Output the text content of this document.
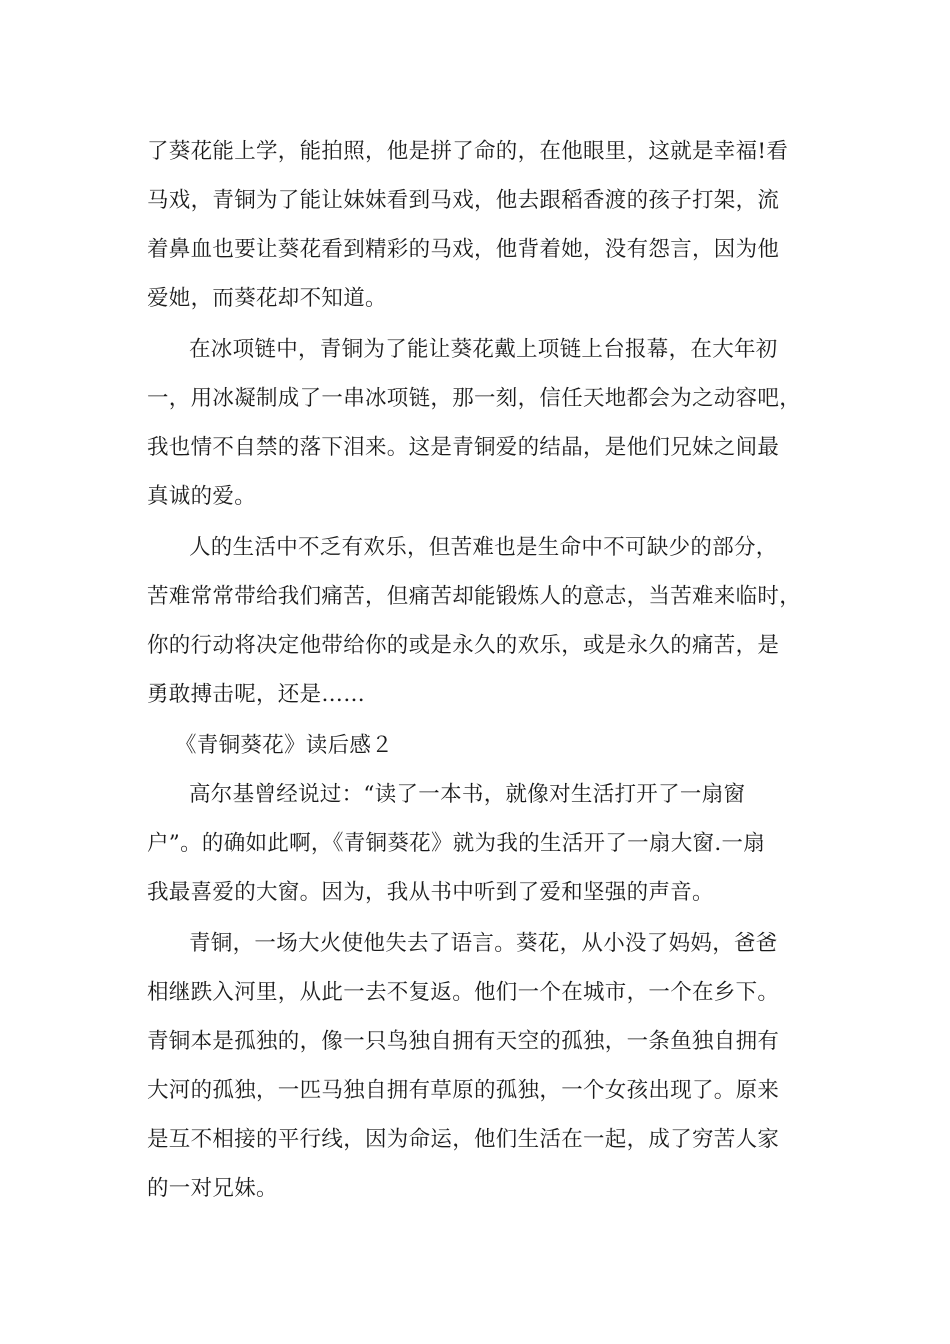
了葵花能上学，能拍照，他是拼了命的，在他眼里，这就是幸福!看
马戏，青铜为了能让妹妹看到马戏，他去跟稻香渡的孩子打架，流
着鼻血也要让葵花看到精彩的马戏，他背着她，没有怨言，因为他
爱她，而葵花却不知道。
在冰项链中，青铜为了能让葵花戴上项链上台报幕，在大年初
一，用冰凝制成了一串冰项链，那一刻，信任天地都会为之动容吧，
我也情不自禁的落下泪来。这是青铜爱的结晶，是他们兄妹之间最
真诚的爱。
人的生活中不乏有欢乐，但苦难也是生命中不可缺少的部分，
苦难常常带给我们痛苦，但痛苦却能锻炼人的意志，当苦难来临时，
你的行动将决定他带给你的或是永久的欢乐，或是永久的痛苦，是
勇敢搏击呢，还是……
《青铜葵花》读后感２
高尔基曾经说过：“读了一本书，就像对生活打开了一扇窗
户”。的确如此啊，《青铜葵花》就为我的生活开了一扇大窗.一扇
我最喜爱的大窗。因为，我从书中听到了爱和坚强的声音。
青铜，一场大火使他失去了语言。葵花，从小没了妈妈，爸爸
相继跌入河里，从此一去不复返。他们一个在城市，一个在乡下。
青铜本是孤独的，像一只鸟独自拥有天空的孤独，一条鱼独自拥有
大河的孤独，一匹马独自拥有草原的孤独，一个女孩出现了。原来
是互不相接的平行线，因为命运，他们生活在一起，成了穷苦人家
的一对兄妹。
